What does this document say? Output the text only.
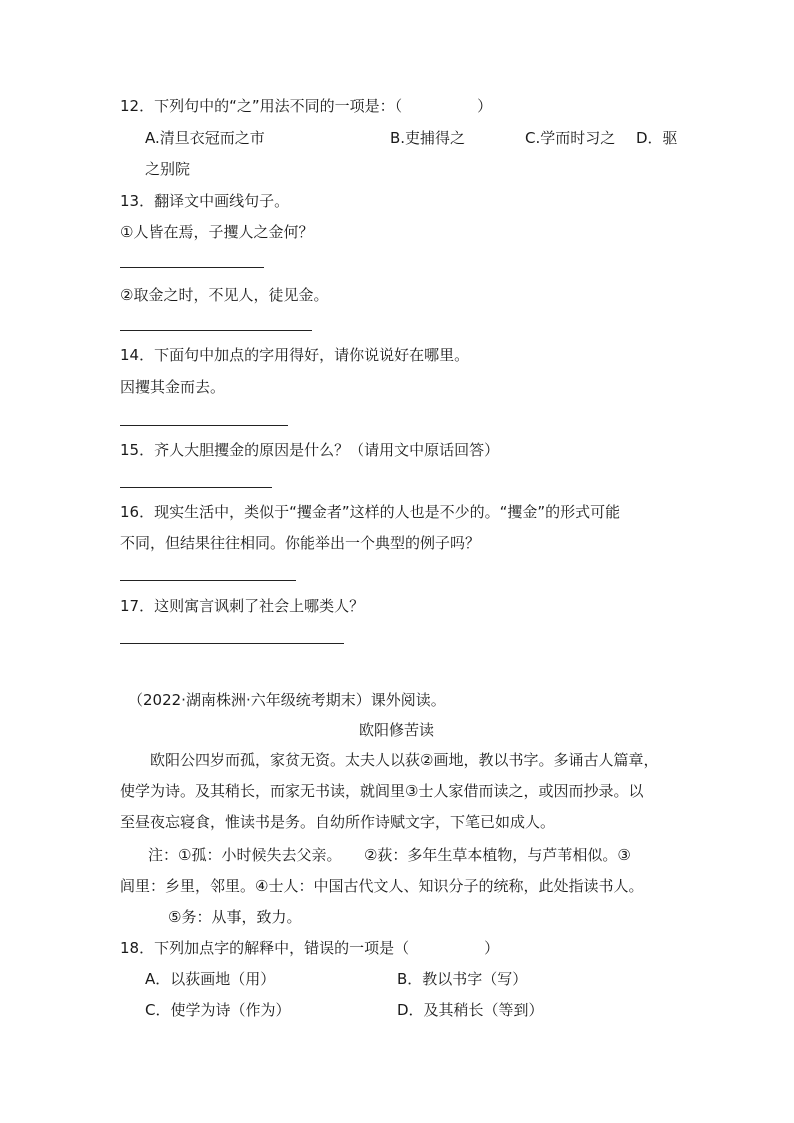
12．下列句中的“之”用法不同的一项是：（　　　　　）
A.清旦衣冠而之市	B.吏捕得之	C.学而时习之 D．驱
之别院
13．翻译文中画线句子。
①人皆在焉，子攫人之金何？
②取金之时，不见人，徒见金。
14．下面句中加点的字用得好，请你说说好在哪里。
因攫其金而去。
15．齐人大胆攫金的原因是什么？（请用文中原话回答）
16．现实生活中，类似于“攫金者”这样的人也是不少的。“攫金”的形式可能
不同，但结果往往相同。你能举出一个典型的例子吗？
17．这则寓言讽刺了社会上哪类人？
（2022·湖南株洲·六年级统考期末）课外阅读。
欧阳修苦读
欧阳公四岁而孤，家贫无资。太夫人以荻②画地，教以书字。多诵古人篇章，
使学为诗。及其稍长，而家无书读，就闾里③士人家借而读之，或因而抄录。以
至昼夜忘寝食，惟读书是务。自幼所作诗赋文字，下笔已如成人。
注：①孤：小时候失去父亲。　　②荻：多年生草本植物，与芦苇相似。③
闾里：乡里，邻里。④士人：中国古代文人、知识分子的统称，此处指读书人。
⑤务：从事，致力。
18．下列加点字的解释中，错误的一项是（　　　　　）
A．以荻画地（用）	B．教以书字（写）
C．使学为诗（作为）	D．及其稍长（等到）
